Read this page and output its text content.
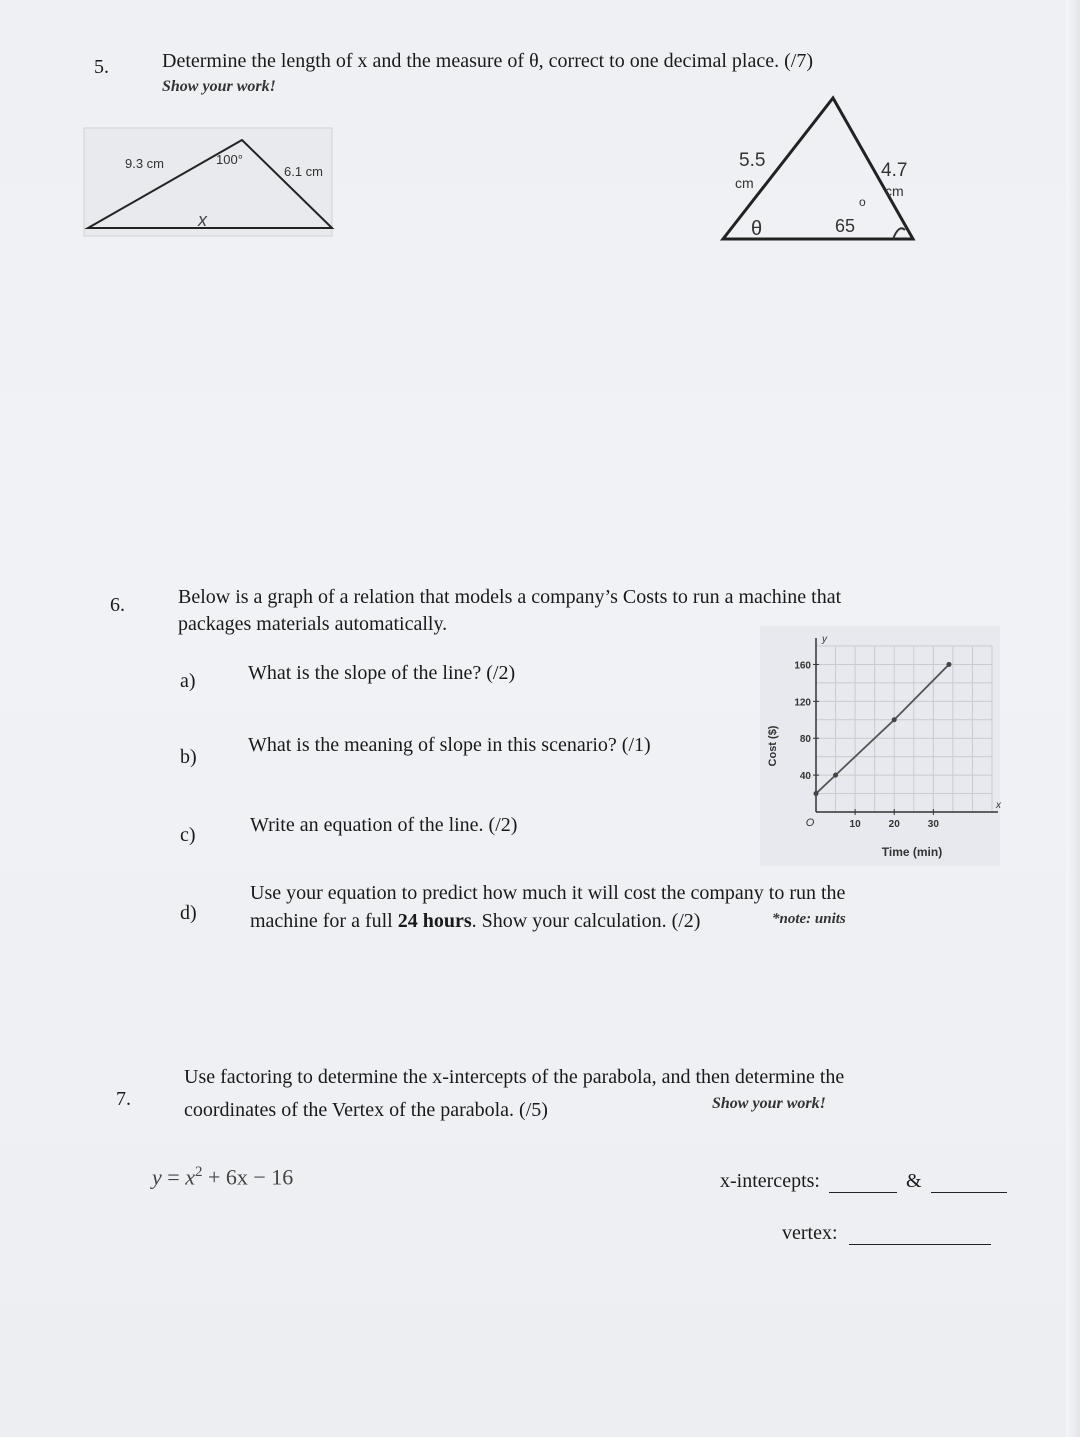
5.	Determine the length of x and the measure of θ, correct to one decimal place. (/7)
Show your work!
9.3 cm	100°
6.1 cm
x
5.5
cm
4.7
cm
65
o
θ
6.	Below is a graph of a relation that models a company’s Costs to run a machine that
packages materials automatically.
a)	What is the slope of the line? (/2)
b)
What is the meaning of slope in this scenario? (/1)
c)	Write an equation of the line. (/2)
d)
Use your equation to predict how much it will cost the company to run the
machine for a full 24 hours. Show your calculation. (/2)	*note: units
x
y
O	10	20	30
40
80
120
160
Cost ($)
Time (min)
7.
Use factoring to determine the x-intercepts of the parabola, and then determine the
coordinates of the Vertex of the parabola. (/5)	Show your work!
$y = x^2 + 6x - 16$	x-intercepts:	&
vertex:
